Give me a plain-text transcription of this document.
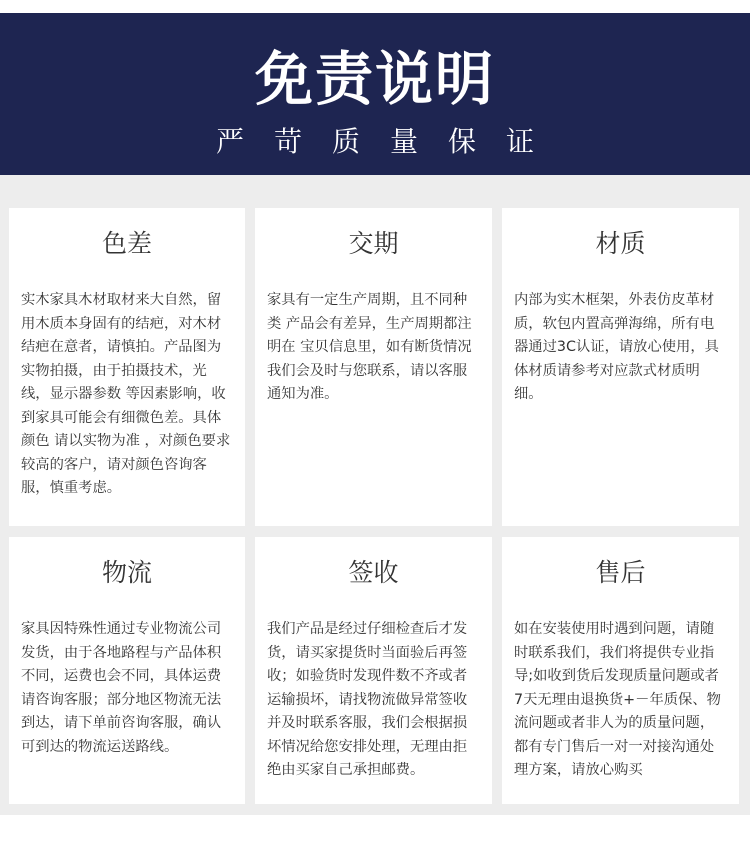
免责说明
严苛质量保证
色差
实木家具木材取材来大自然，留用木质本身固有的结疤，对木材结疤在意者，请慎拍。产品图为实物拍摄，由于拍摄技术，光线，显示器参数 等因素影响，收 到家具可能会有细微色差。具体颜色 请以实物为准 ，对颜色要求较高的客户，请对颜色咨询客服，慎重考虑。
交期
家具有一定生产周期，且不同种类 产品会有差异，生产周期都注明在 宝贝信息里，如有断货情况我们会及时与您联系，请以客服通知为准。
材质
内部为实木框架，外表仿皮革材质，软包内置高弹海绵，所有电器通过3C认证，请放心使用，具体材质请参考对应款式材质明细。
物流
家具因特殊性通过专业物流公司发货，由于各地路程与产品体积不同，运费也会不同，具体运费请咨询客服；部分地区物流无法到达，请下单前咨询客服，确认可到达的物流运送路线。
签收
我们产品是经过仔细检查后才发货，请买家提货时当面验后再签收；如验货时发现件数不齐或者运输损坏，请找物流做异常签收并及时联系客服，我们会根据损坏情况给您安排处理，无理由拒绝由买家自己承担邮费。
售后
如在安装使用时遇到问题，请随时联系我们，我们将提供专业指导;如收到货后发现质量问题或者7天无理由退换货+－年质保、物流问题或者非人为的质量问题，都有专门售后一对一对接沟通处理方案，请放心购买
